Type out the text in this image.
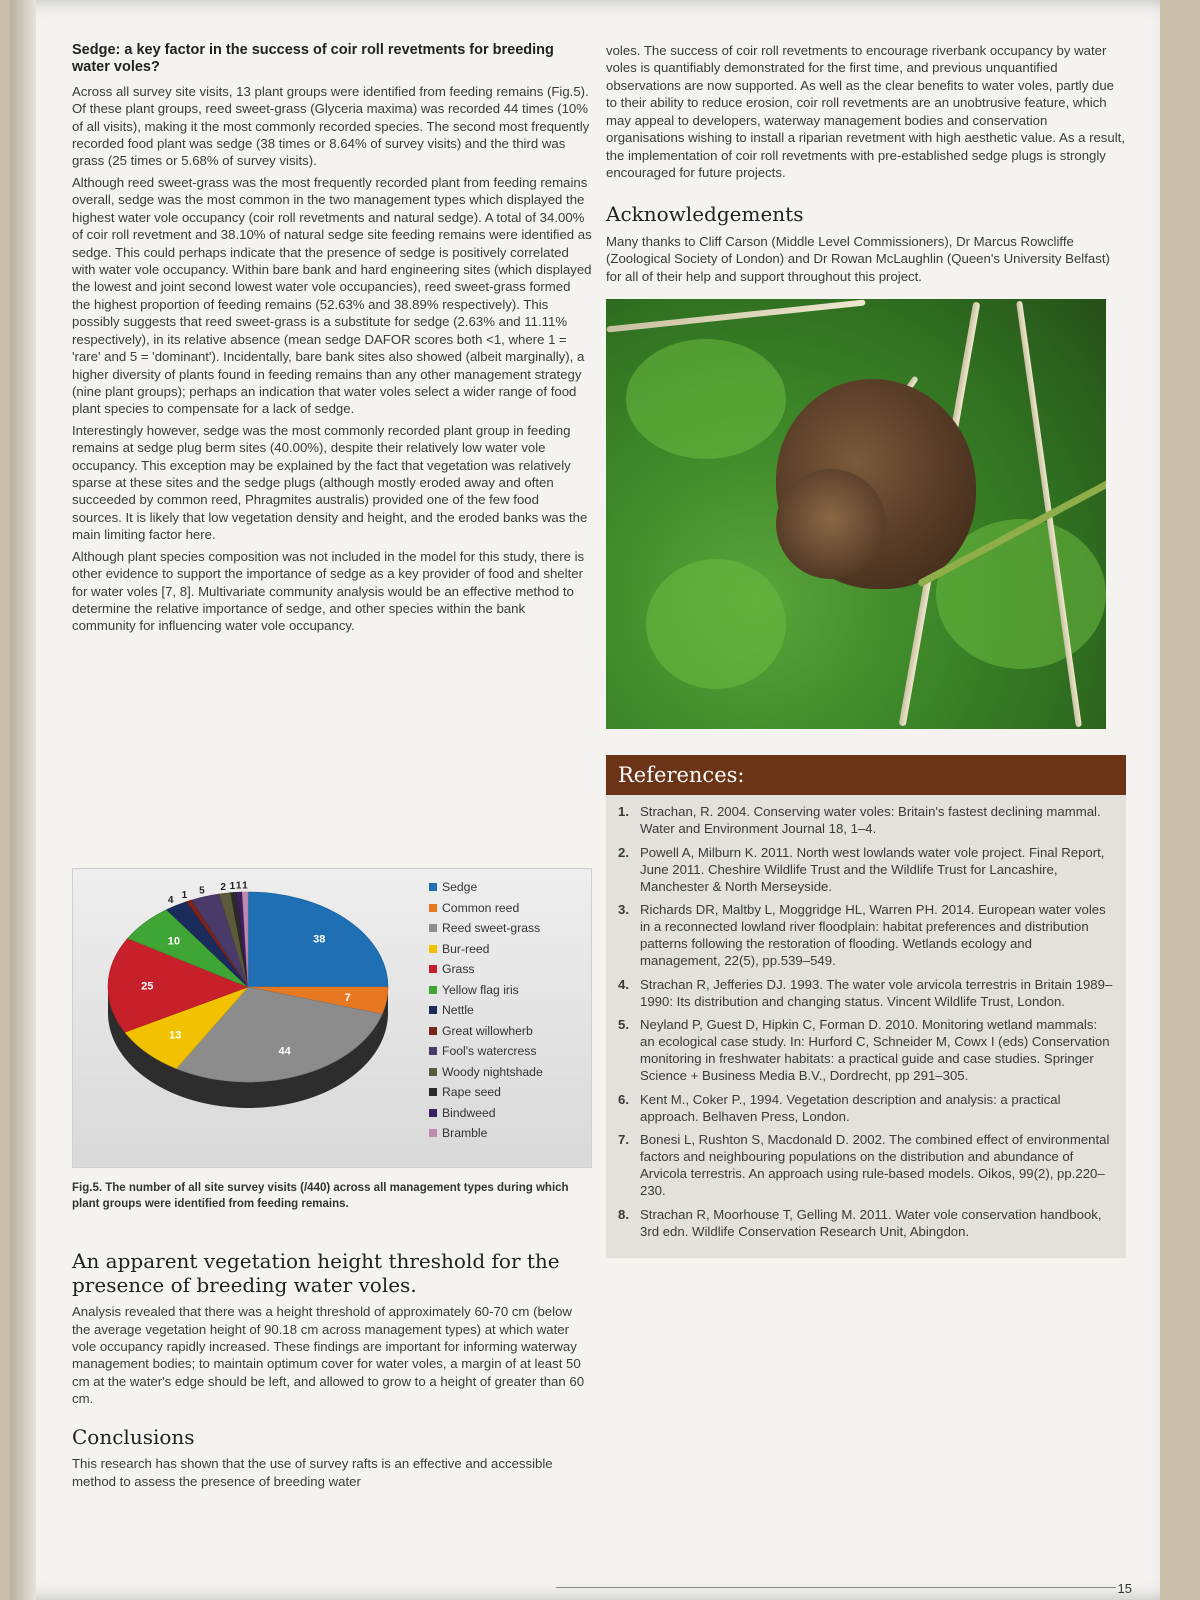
Sedge: a key factor in the success of coir roll revetments for breeding water voles?

Across all survey site visits, 13 plant groups were identified from feeding remains (Fig.5). Of these plant groups, reed sweet-grass (Glyceria maxima) was recorded 44 times (10% of all visits), making it the most commonly recorded species. The second most frequently recorded food plant was sedge (38 times or 8.64% of survey visits) and the third was grass (25 times or 5.68% of survey visits).

Although reed sweet-grass was the most frequently recorded plant from feeding remains overall, sedge was the most common in the two management types which displayed the highest water vole occupancy (coir roll revetments and natural sedge). A total of 34.00% of coir roll revetment and 38.10% of natural sedge site feeding remains were identified as sedge. This could perhaps indicate that the presence of sedge is positively correlated with water vole occupancy. Within bare bank and hard engineering sites (which displayed the lowest and joint second lowest water vole occupancies), reed sweet-grass formed the highest proportion of feeding remains (52.63% and 38.89% respectively). This possibly suggests that reed sweet-grass is a substitute for sedge (2.63% and 11.11% respectively), in its relative absence (mean sedge DAFOR scores both <1, where 1 = 'rare' and 5 = 'dominant'). Incidentally, bare bank sites also showed (albeit marginally), a higher diversity of plants found in feeding remains than any other management strategy (nine plant groups); perhaps an indication that water voles select a wider range of food plant species to compensate for a lack of sedge.

Interestingly however, sedge was the most commonly recorded plant group in feeding remains at sedge plug berm sites (40.00%), despite their relatively low water vole occupancy. This exception may be explained by the fact that vegetation was relatively sparse at these sites and the sedge plugs (although mostly eroded away and often succeeded by common reed, Phragmites australis) provided one of the few food sources. It is likely that low vegetation density and height, and the eroded banks was the main limiting factor here.

Although plant species composition was not included in the model for this study, there is other evidence to support the importance of sedge as a key provider of food and shelter for water voles [7, 8]. Multivariate community analysis would be an effective method to determine the relative importance of sedge, and other species within the bank community for influencing water vole occupancy.

38
7
44
13
25
10
4 1 5 2 1 1 1	Sedge
Common reed
Reed sweet-grass
Bur-reed
Grass
Yellow flag iris
Nettle
Great willowherb
Fool's watercress
Woody nightshade
Rape seed
Bindweed
Bramble
Fig.5. The number of all site survey visits (/440) across all management types during which plant groups were identified from feeding remains.
An apparent vegetation height threshold for the presence of breeding water voles.

Analysis revealed that there was a height threshold of approximately 60-70 cm (below the average vegetation height of 90.18 cm across management types) at which water vole occupancy rapidly increased. These findings are important for informing waterway management bodies; to maintain optimum cover for water voles, a margin of at least 50 cm at the water's edge should be left, and allowed to grow to a height of greater than 60 cm.

Conclusions

This research has shown that the use of survey rafts is an effective and accessible method to assess the presence of breeding water

voles. The success of coir roll revetments to encourage riverbank occupancy by water voles is quantifiably demonstrated for the first time, and previous unquantified observations are now supported. As well as the clear benefits to water voles, partly due to their ability to reduce erosion, coir roll revetments are an unobtrusive feature, which may appeal to developers, waterway management bodies and conservation organisations wishing to install a riparian revetment with high aesthetic value. As a result, the implementation of coir roll revetments with pre-established sedge plugs is strongly encouraged for future projects.

Acknowledgements

Many thanks to Cliff Carson (Middle Level Commissioners), Dr Marcus Rowcliffe (Zoological Society of London) and Dr Rowan McLaughlin (Queen's University Belfast) for all of their help and support throughout this project.

References:
1. Strachan, R. 2004. Conserving water voles: Britain's fastest declining mammal. Water and Environment Journal 18, 1–4.
2. Powell A, Milburn K. 2011. North west lowlands water vole project. Final Report, June 2011. Cheshire Wildlife Trust and the Wildlife Trust for Lancashire, Manchester & North Merseyside.
3. Richards DR, Maltby L, Moggridge HL, Warren PH. 2014. European water voles in a reconnected lowland river floodplain: habitat preferences and distribution patterns following the restoration of flooding. Wetlands ecology and management, 22(5), pp.539–549.
4. Strachan R, Jefferies DJ. 1993. The water vole arvicola terrestris in Britain 1989–1990: Its distribution and changing status. Vincent Wildlife Trust, London.
5. Neyland P, Guest D, Hipkin C, Forman D. 2010. Monitoring wetland mammals: an ecological case study. In: Hurford C, Schneider M, Cowx I (eds) Conservation monitoring in freshwater habitats: a practical guide and case studies. Springer Science + Business Media B.V., Dordrecht, pp 291–305.
6. Kent M., Coker P., 1994. Vegetation description and analysis: a practical approach. Belhaven Press, London.
7. Bonesi L, Rushton S, Macdonald D. 2002. The combined effect of environmental factors and neighbouring populations on the distribution and abundance of Arvicola terrestris. An approach using rule-based models. Oikos, 99(2), pp.220–230.
8. Strachan R, Moorhouse T, Gelling M. 2011. Water vole conservation handbook, 3rd edn. Wildlife Conservation Research Unit, Abingdon.
15
